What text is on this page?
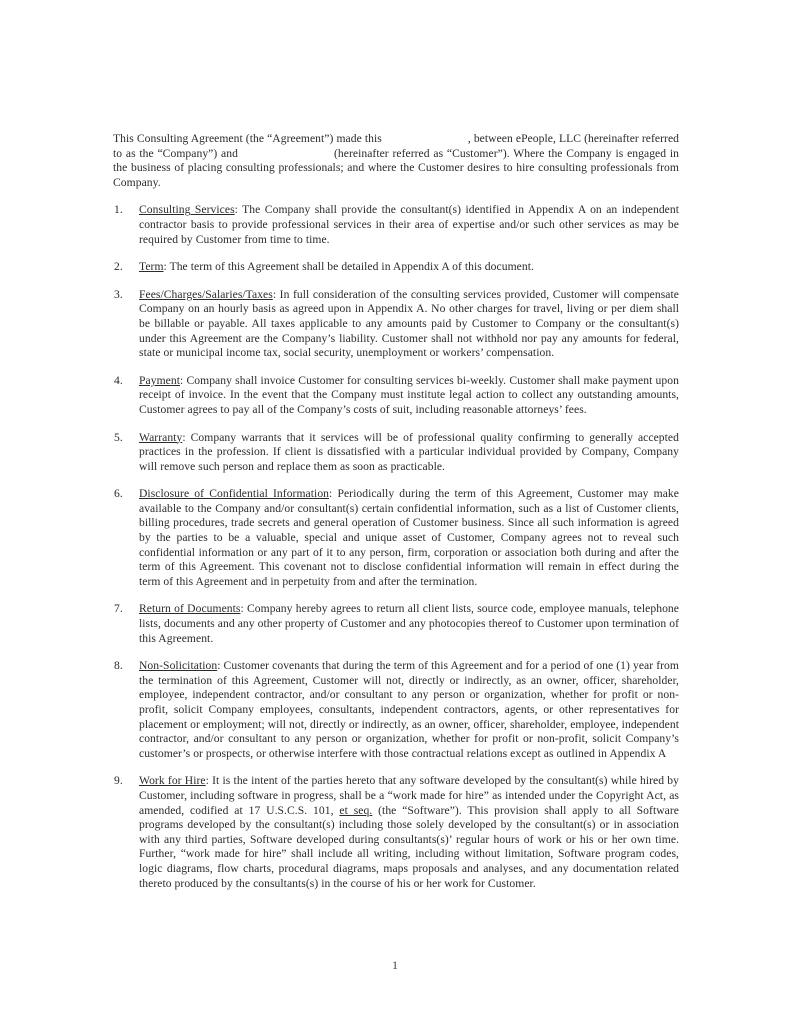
This Consulting Agreement (the “Agreement”) made this	, between ePeople, LLC (hereinafter referred to as the “Company”) and	(hereinafter referred as “Customer”). Where the Company is engaged in the business of placing consulting professionals; and where the Customer desires to hire consulting professionals from Company.

1.	Consulting Services: The Company shall provide the consultant(s) identified in Appendix A on an independent contractor basis to provide professional services in their area of expertise and/or such other services as may be required by Customer from time to time.
2.	Term: The term of this Agreement shall be detailed in Appendix A of this document.
3.	Fees/Charges/Salaries/Taxes: In full consideration of the consulting services provided, Customer will compensate Company on an hourly basis as agreed upon in Appendix A. No other charges for travel, living or per diem shall be billable or payable. All taxes applicable to any amounts paid by Customer to Company or the consultant(s) under this Agreement are the Company’s liability. Customer shall not withhold nor pay any amounts for federal, state or municipal income tax, social security, unemployment or workers’ compensation.
4.	Payment: Company shall invoice Customer for consulting services bi-weekly. Customer shall make payment upon receipt of invoice. In the event that the Company must institute legal action to collect any outstanding amounts, Customer agrees to pay all of the Company’s costs of suit, including reasonable attorneys’ fees.
5.	Warranty: Company warrants that it services will be of professional quality confirming to generally accepted practices in the profession. If client is dissatisfied with a particular individual provided by Company, Company will remove such person and replace them as soon as practicable.
6.	Disclosure of Confidential Information: Periodically during the term of this Agreement, Customer may make available to the Company and/or consultant(s) certain confidential information, such as a list of Customer clients, billing procedures, trade secrets and general operation of Customer business. Since all such information is agreed by the parties to be a valuable, special and unique asset of Customer, Company agrees not to reveal such confidential information or any part of it to any person, firm, corporation or association both during and after the term of this Agreement. This covenant not to disclose confidential information will remain in effect during the term of this Agreement and in perpetuity from and after the termination.
7.	Return of Documents: Company hereby agrees to return all client lists, source code, employee manuals, telephone lists, documents and any other property of Customer and any photocopies thereof to Customer upon termination of this Agreement.
8.	Non-Solicitation: Customer covenants that during the term of this Agreement and for a period of one (1) year from the termination of this Agreement, Customer will not, directly or indirectly, as an owner, officer, shareholder, employee, independent contractor, and/or consultant to any person or organization, whether for profit or non-profit, solicit Company employees, consultants, independent contractors, agents, or other representatives for placement or employment; will not, directly or indirectly, as an owner, officer, shareholder, employee, independent contractor, and/or consultant to any person or organization, whether for profit or non-profit, solicit Company’s customer’s or prospects, or otherwise interfere with those contractual relations except as outlined in Appendix A
9.	Work for Hire: It is the intent of the parties hereto that any software developed by the consultant(s) while hired by Customer, including software in progress, shall be a “work made for hire” as intended under the Copyright Act, as amended, codified at 17 U.S.C.S. 101, et seq. (the “Software”). This provision shall apply to all Software programs developed by the consultant(s) including those solely developed by the consultant(s) or in association with any third parties, Software developed during consultants(s)’ regular hours of work or his or her own time. Further, “work made for hire” shall include all writing, including without limitation, Software program codes, logic diagrams, flow charts, procedural diagrams, maps proposals and analyses, and any documentation related thereto produced by the consultants(s) in the course of his or her work for Customer.
1
